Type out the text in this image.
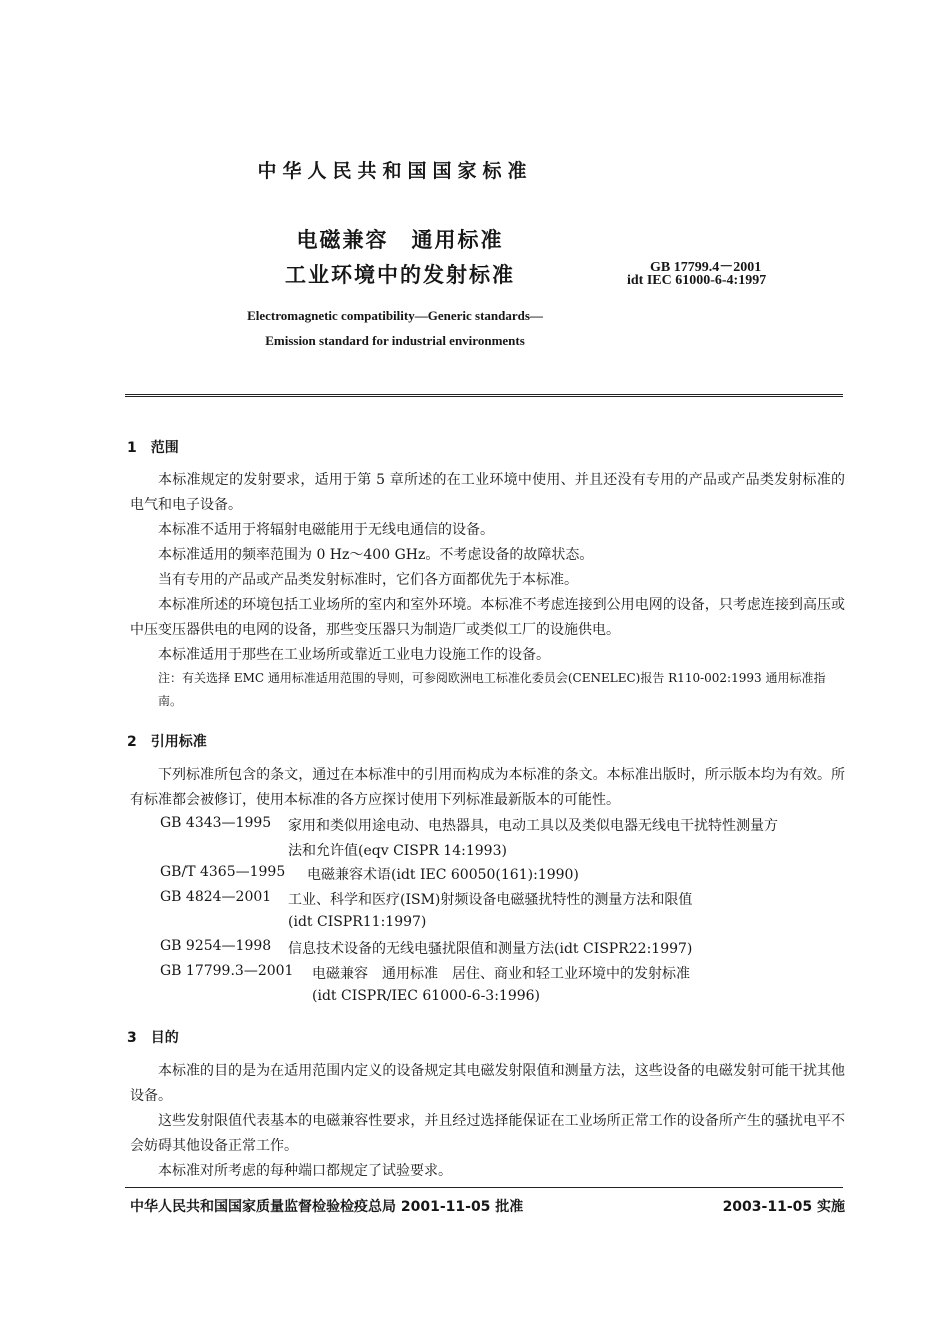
中华人民共和国国家标准
电磁兼容　通用标准
工业环境中的发射标准	GB 17799.4－2001
idt IEC 61000-6-4:1997
Electromagnetic compatibility—Generic standards—
Emission standard for industrial environments
1　范围
本标准规定的发射要求，适用于第 5 章所述的在工业环境中使用、并且还没有专用的产品或产品类发射标准的电气和电子设备。
本标准不适用于将辐射电磁能用于无线电通信的设备。
本标准适用的频率范围为 0 Hz～400 GHz。不考虑设备的故障状态。
当有专用的产品或产品类发射标准时，它们各方面都优先于本标准。
本标准所述的环境包括工业场所的室内和室外环境。本标准不考虑连接到公用电网的设备，只考虑连接到高压或中压变压器供电的电网的设备，那些变压器只为制造厂或类似工厂的设施供电。
本标准适用于那些在工业场所或靠近工业电力设施工作的设备。
注：有关选择 EMC 通用标准适用范围的导则，可参阅欧洲电工标准化委员会(CENELEC)报告 R110-002:1993 通用标准指南。
2　引用标准
下列标准所包含的条文，通过在本标准中的引用而构成为本标准的条文。本标准出版时，所示版本均为有效。所有标准都会被修订，使用本标准的各方应探讨使用下列标准最新版本的可能性。
GB 4343—1995 家用和类似用途电动、电热器具，电动工具以及类似电器无线电干扰特性测量方
法和允许值(eqv CISPR 14:1993)
GB/T 4365—1995 电磁兼容术语(idt IEC 60050(161):1990)
GB 4824—2001 工业、科学和医疗(ISM)射频设备电磁骚扰特性的测量方法和限值
(idt CISPR11:1997)
GB 9254—1998 信息技术设备的无线电骚扰限值和测量方法(idt CISPR22:1997)
GB 17799.3—2001 电磁兼容　通用标准　居住、商业和轻工业环境中的发射标准
(idt CISPR/IEC 61000-6-3:1996)
3　目的
本标准的目的是为在适用范围内定义的设备规定其电磁发射限值和测量方法，这些设备的电磁发射可能干扰其他设备。
这些发射限值代表基本的电磁兼容性要求，并且经过选择能保证在工业场所正常工作的设备所产生的骚扰电平不会妨碍其他设备正常工作。
本标准对所考虑的每种端口都规定了试验要求。
中华人民共和国国家质量监督检验检疫总局 2001-11-05 批准	2003-11-05 实施
